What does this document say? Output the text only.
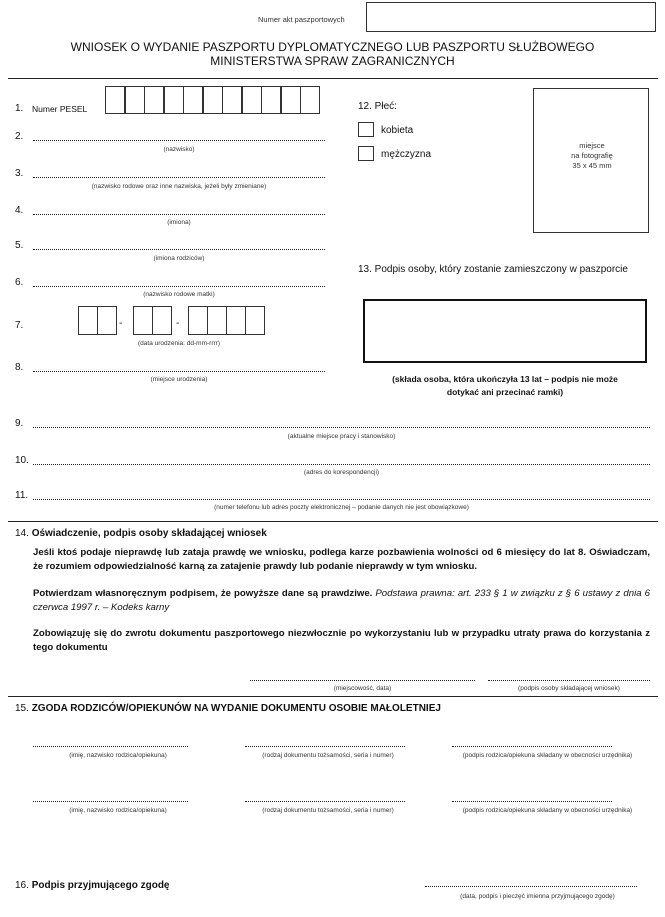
Numer akt paszportowych
WNIOSEK O WYDANIE PASZPORTU DYPLOMATYCZNEGO LUB PASZPORTU SŁUŻBOWEGO
MINISTERSTWA SPRAW ZAGRANICZNYCH
1. Numer PESEL
2.
(nazwisko)
3.
(nazwisko rodowe oraz inne nazwiska, jeżeli były zmieniane)
4.
(imiona)
5.
(imiona rodziców)
6.
(nazwisko rodowe matki)
7.	-	-
(data urodzenia: dd-mm-rrrr)
8.
(miejsce urodzenia)
12. Płeć:
kobieta
mężczyzna
miejsce
na fotografię
35 x 45 mm
13. Podpis osoby, który zostanie zamieszczony w paszporcie
(składa osoba, która ukończyła 13 lat – podpis nie może
dotykać ani przecinać ramki)
9.
(aktualne miejsce pracy i stanowisko)
10.
(adres do korespondencji)
11.
(numer telefonu lub adres poczty elektronicznej – podanie danych nie jest obowiązkowe)
14. Oświadczenie, podpis osoby składającej wniosek

Jeśli ktoś podaje nieprawdę lub zataja prawdę we wniosku, podlega karze pozbawienia wolności od 6 miesięcy do lat 8. Oświadczam, że rozumiem odpowiedzialność karną za zatajenie prawdy lub podanie nieprawdy w tym wniosku.

Potwierdzam własnoręcznym podpisem, że powyższe dane są prawdziwe. Podstawa prawna: art. 233 § 1 w związku z § 6 ustawy z dnia 6 czerwca 1997 r. – Kodeks karny

Zobowiązuję się do zwrotu dokumentu paszportowego niezwłocznie po wykorzystaniu lub w przypadku utraty prawa do korzystania z tego dokumentu

(miejscowość, data)	(podpis osoby składającej wniosek)
15. ZGODA RODZICÓW/OPIEKUNÓW NA WYDANIE DOKUMENTU OSOBIE MAŁOLETNIEJ
(imię, nazwisko rodzica/opiekuna)	(rodzaj dokumentu tożsamości, seria i numer)	(podpis rodzica/opiekuna składany w obecności urzędnika)
(imię, nazwisko rodzica/opiekuna)	(rodzaj dokumentu tożsamości, seria i numer)	(podpis rodzica/opiekuna składany w obecności urzędnika)
16. Podpis przyjmującego zgodę
(data, podpis i pieczęć imienna przyjmującego zgodę)
